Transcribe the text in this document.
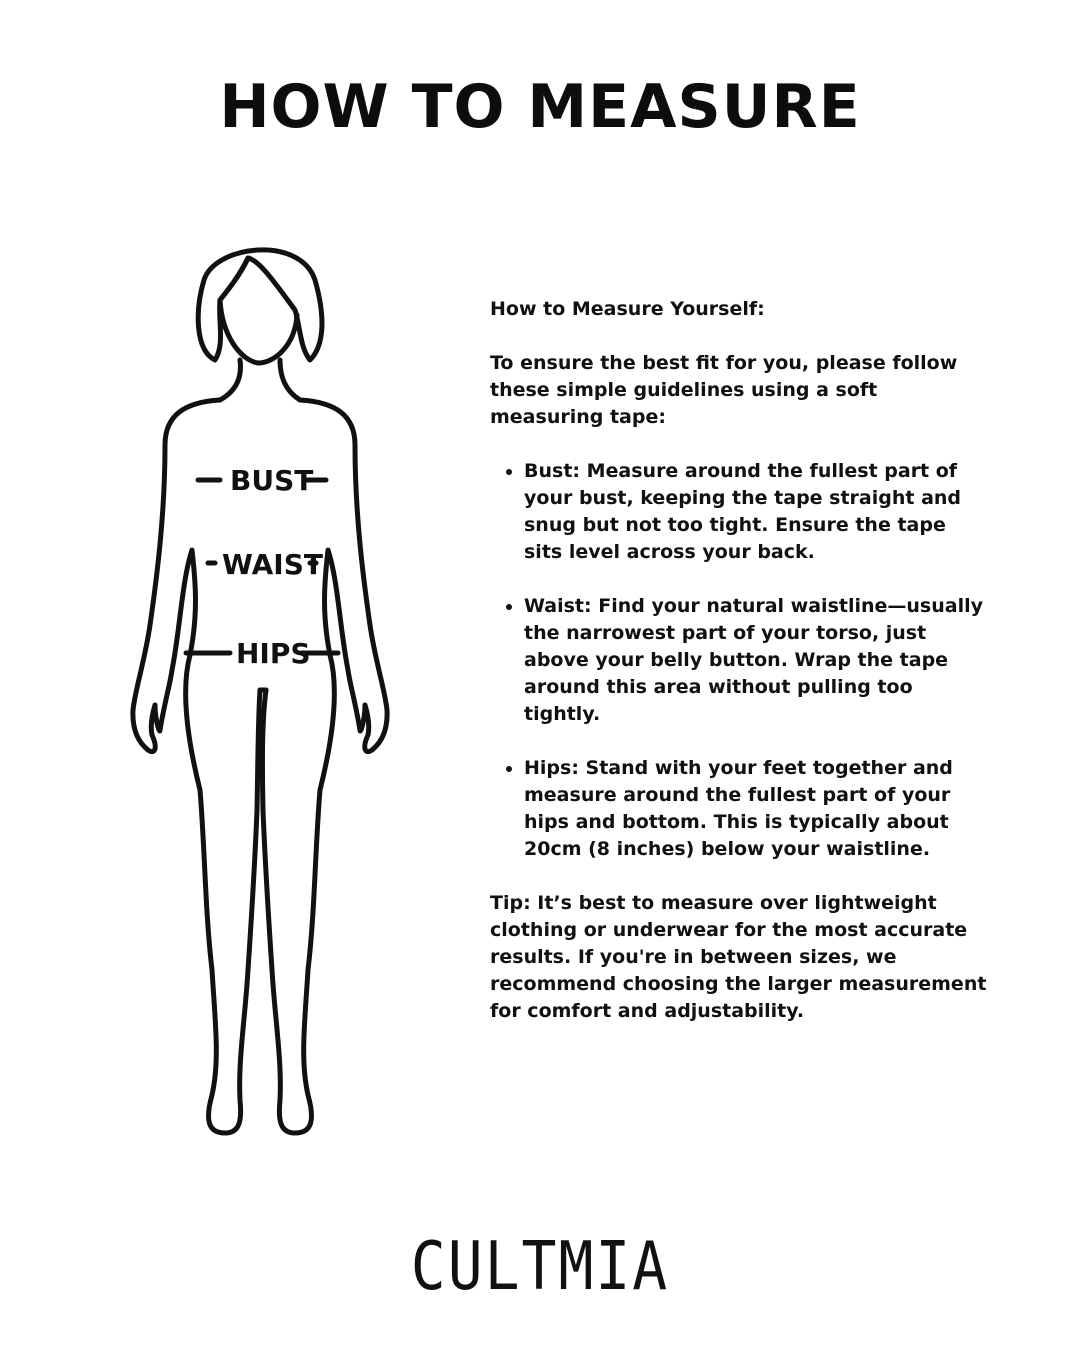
HOW TO MEASURE
BUST
WAIST
HIPS

How to Measure Yourself:

To ensure the best fit for you, please follow these simple guidelines using a soft measuring tape:

• Bust: Measure around the fullest part of your bust, keeping the tape straight and snug but not too tight. Ensure the tape sits level across your back.
• Waist: Find your natural waistline—usually the narrowest part of your torso, just above your belly button. Wrap the tape around this area without pulling too tightly.
• Hips: Stand with your feet together and measure around the fullest part of your hips and bottom. This is typically about 20cm (8 inches) below your waistline.

Tip: It’s best to measure over lightweight clothing or underwear for the most accurate results. If you're in between sizes, we recommend choosing the larger measurement for comfort and adjustability.

CULTMIA
